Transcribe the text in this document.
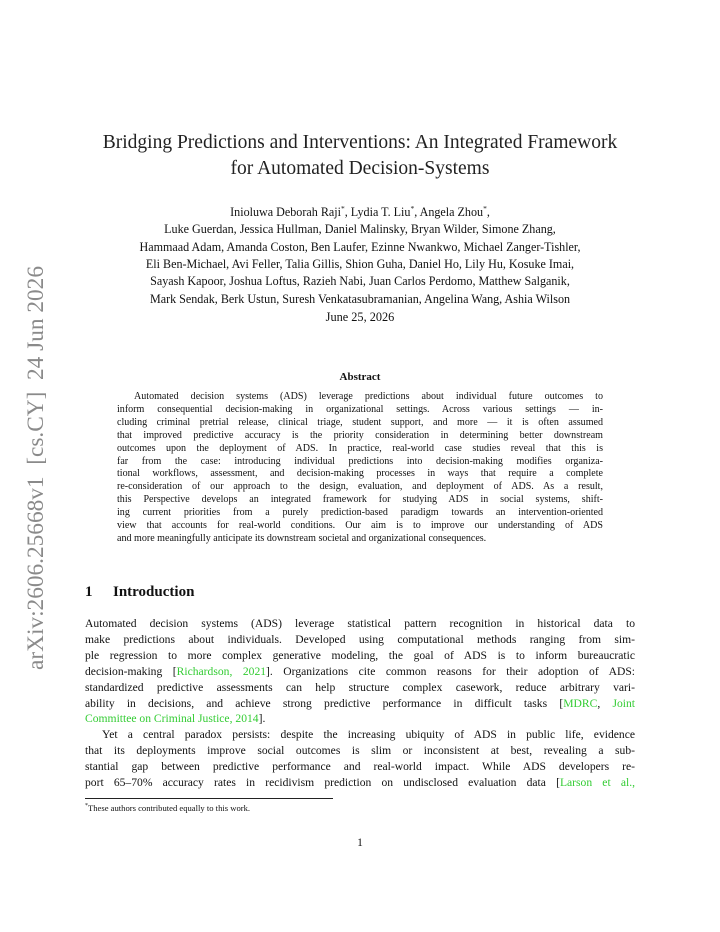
arXiv:2606.25668v1  [cs.CY]  24 Jun 2026
Bridging Predictions and Interventions: An Integrated Framework
for Automated Decision-Systems
Inioluwa Deborah Raji*, Lydia T. Liu*, Angela Zhou*,
Luke Guerdan, Jessica Hullman, Daniel Malinsky, Bryan Wilder, Simone Zhang,
Hammaad Adam, Amanda Coston, Ben Laufer, Ezinne Nwankwo, Michael Zanger-Tishler,
Eli Ben-Michael, Avi Feller, Talia Gillis, Shion Guha, Daniel Ho, Lily Hu, Kosuke Imai,
Sayash Kapoor, Joshua Loftus, Razieh Nabi, Juan Carlos Perdomo, Matthew Salganik,
Mark Sendak, Berk Ustun, Suresh Venkatasubramanian, Angelina Wang, Ashia Wilson
June 25, 2026
Abstract
Automated decision systems (ADS) leverage predictions about individual future outcomes to
inform consequential decision-making in organizational settings. Across various settings — in-
cluding criminal pretrial release, clinical triage, student support, and more — it is often assumed
that improved predictive accuracy is the priority consideration in determining better downstream
outcomes upon the deployment of ADS. In practice, real-world case studies reveal that this is
far from the case: introducing individual predictions into decision-making modifies organiza-
tional workflows, assessment, and decision-making processes in ways that require a complete
re-consideration of our approach to the design, evaluation, and deployment of ADS. As a result,
this Perspective develops an integrated framework for studying ADS in social systems, shift-
ing current priorities from a purely prediction-based paradigm towards an intervention-oriented
view that accounts for real-world conditions. Our aim is to improve our understanding of ADS
and more meaningfully anticipate its downstream societal and organizational consequences.
1 Introduction
Automated decision systems (ADS) leverage statistical pattern recognition in historical data to
make predictions about individuals. Developed using computational methods ranging from sim-
ple regression to more complex generative modeling, the goal of ADS is to inform bureaucratic
decision-making [Richardson, 2021]. Organizations cite common reasons for their adoption of ADS:
standardized predictive assessments can help structure complex casework, reduce arbitrary vari-
ability in decisions, and achieve strong predictive performance in difficult tasks [MDRC, Joint
Committee on Criminal Justice, 2014].
Yet a central paradox persists: despite the increasing ubiquity of ADS in public life, evidence
that its deployments improve social outcomes is slim or inconsistent at best, revealing a sub-
stantial gap between predictive performance and real-world impact. While ADS developers re-
port 65–70% accuracy rates in recidivism prediction on undisclosed evaluation data [Larson et al.,
*These authors contributed equally to this work.
1
